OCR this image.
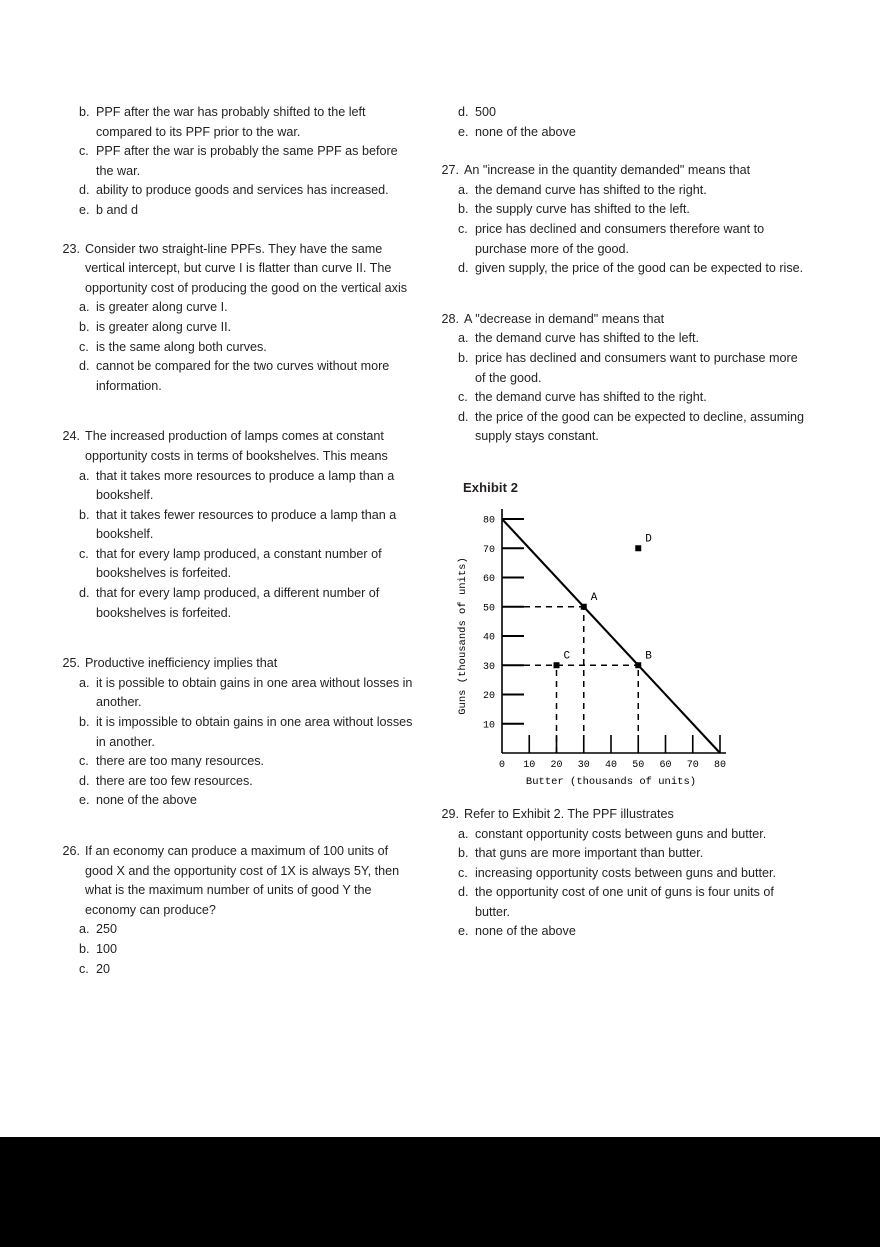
b. PPF after the war has probably shifted to the left compared to its PPF prior to the war.
c. PPF after the war is probably the same PPF as before the war.
d. ability to produce goods and services has increased.
e. b and d
23. Consider two straight-line PPFs. They have the same vertical intercept, but curve I is flatter than curve II. The opportunity cost of producing the good on the vertical axis
a. is greater along curve I.
b. is greater along curve II.
c. is the same along both curves.
d. cannot be compared for the two curves without more information.
24. The increased production of lamps comes at constant opportunity costs in terms of bookshelves. This means
a. that it takes more resources to produce a lamp than a bookshelf.
b. that it takes fewer resources to produce a lamp than a bookshelf.
c. that for every lamp produced, a constant number of bookshelves is forfeited.
d. that for every lamp produced, a different number of bookshelves is forfeited.
25. Productive inefficiency implies that
a. it is possible to obtain gains in one area without losses in another.
b. it is impossible to obtain gains in one area without losses in another.
c. there are too many resources.
d. there are too few resources.
e. none of the above
26. If an economy can produce a maximum of 100 units of good X and the opportunity cost of 1X is always 5Y, then what is the maximum number of units of good Y the economy can produce?
a. 250
b. 100
c. 20
d. 500
e. none of the above
27. An "increase in the quantity demanded" means that
a. the demand curve has shifted to the right.
b. the supply curve has shifted to the left.
c. price has declined and consumers therefore want to purchase more of the good.
d. given supply, the price of the good can be expected to rise.
28. A "decrease in demand" means that
a. the demand curve has shifted to the left.
b. price has declined and consumers want to purchase more of the good.
c. the demand curve has shifted to the right.
d. the price of the good can be expected to decline, assuming supply stays constant.
Exhibit 2
10
20
30
40
50
60
70
80
0 10 20 30 40 50 60 70 80
Butter (thousands of units)
Guns (thousands of units)	A
B
C
D
29. Refer to Exhibit 2. The PPF illustrates
a. constant opportunity costs between guns and butter.
b. that guns are more important than butter.
c. increasing opportunity costs between guns and butter.
d. the opportunity cost of one unit of guns is four units of butter.
e. none of the above
